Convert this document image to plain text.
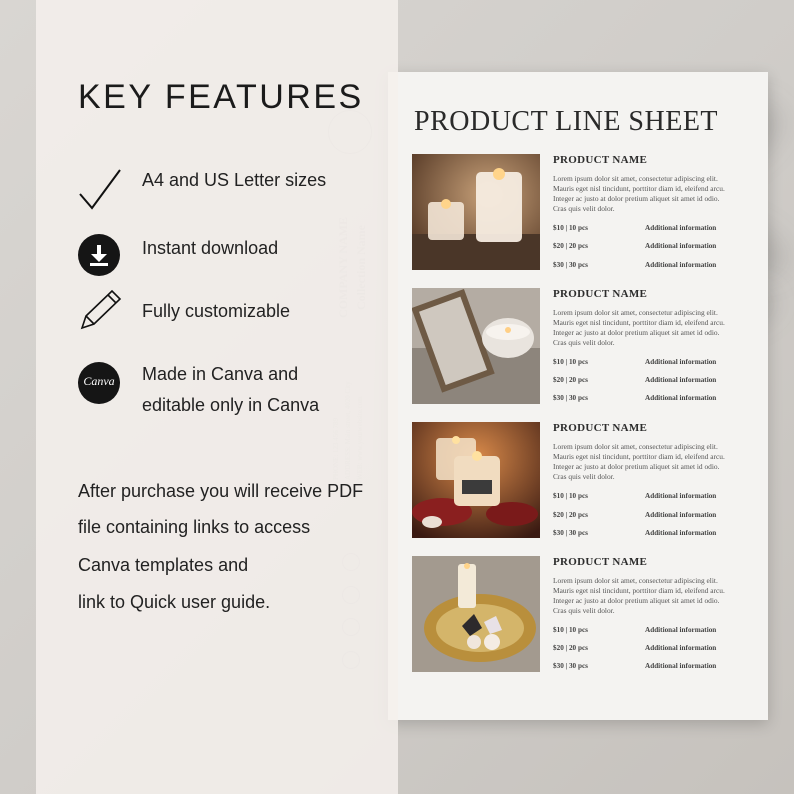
PRODUCT LINE SHEET
PRODUCT NAME
Lorem ipsum dolor sit amet, consectetur adipiscing elit. Mauris eget nisl tincidunt, porttitor diam id, eleifend arcu. Integer ac justo at dolor pretium aliquet sit amet id odio. Cras quis velit dolor.
$10 | 10 pcs	Additional information
$20 | 20 pcs	Additional information
$30 | 30 pcs	Additional information
PRODUCT NAME
Lorem ipsum dolor sit amet, consectetur adipiscing elit. Mauris eget nisl tincidunt, porttitor diam id, eleifend arcu. Integer ac justo at dolor pretium aliquet sit amet id odio. Cras quis velit dolor.
$10 | 10 pcs	Additional information
$20 | 20 pcs	Additional information
$30 | 30 pcs	Additional information
PRODUCT NAME
Lorem ipsum dolor sit amet, consectetur adipiscing elit. Mauris eget nisl tincidunt, porttitor diam id, eleifend arcu. Integer ac justo at dolor pretium aliquet sit amet id odio. Cras quis velit dolor.
$10 | 10 pcs	Additional information
$20 | 20 pcs	Additional information
$30 | 30 pcs	Additional information
PRODUCT NAME
Lorem ipsum dolor sit amet, consectetur adipiscing elit. Mauris eget nisl tincidunt, porttitor diam id, eleifend arcu. Integer ac justo at dolor pretium aliquet sit amet id odio. Cras quis velit dolor.
$10 | 10 pcs	Additional information
$20 | 20 pcs	Additional information
$30 | 30 pcs	Additional information
KEY FEATURES
A4 and US Letter sizes
Instant download
Fully customizable
Canva Made in Canva and
editable only in Canva
After purchase you will receive PDF
file containing links to access
Canva templates and
link to Quick user guide.
